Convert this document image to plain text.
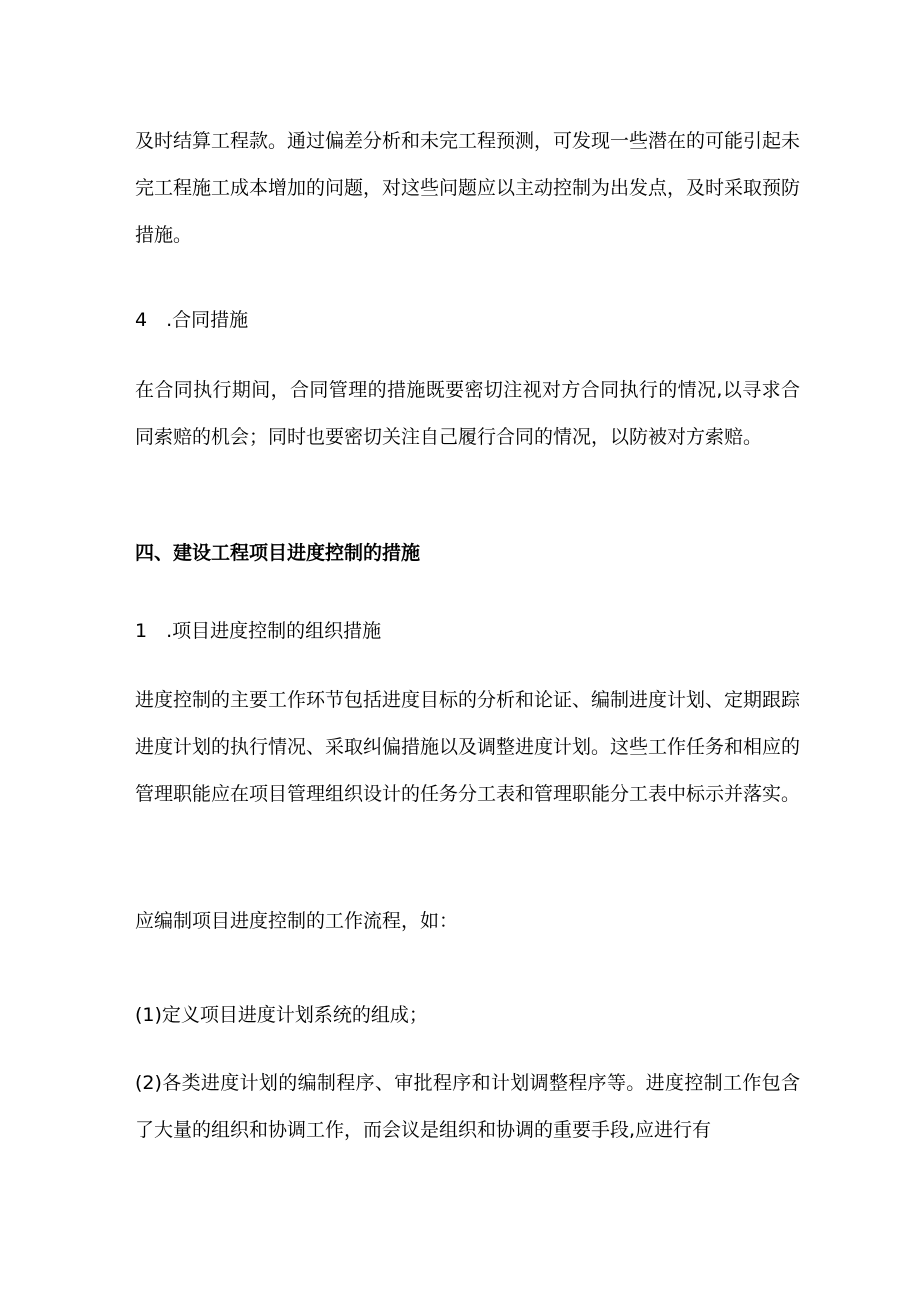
及时结算工程款。通过偏差分析和未完工程预测，可发现一些潜在的可能引起未完工程施工成本增加的问题，对这些问题应以主动控制为出发点，及时采取预防措施。

4　.合同措施

在合同执行期间，合同管理的措施既要密切注视对方合同执行的情况,以寻求合同索赔的机会；同时也要密切关注自己履行合同的情况，以防被对方索赔。

四、建设工程项目进度控制的措施

1　.项目进度控制的组织措施

进度控制的主要工作环节包括进度目标的分析和论证、编制进度计划、定期跟踪进度计划的执行情况、采取纠偏措施以及调整进度计划。这些工作任务和相应的管理职能应在项目管理组织设计的任务分工表和管理职能分工表中标示并落实。

应编制项目进度控制的工作流程，如：

(1)定义项目进度计划系统的组成；

(2)各类进度计划的编制程序、审批程序和计划调整程序等。进度控制工作包含了大量的组织和协调工作，而会议是组织和协调的重要手段,应进行有
